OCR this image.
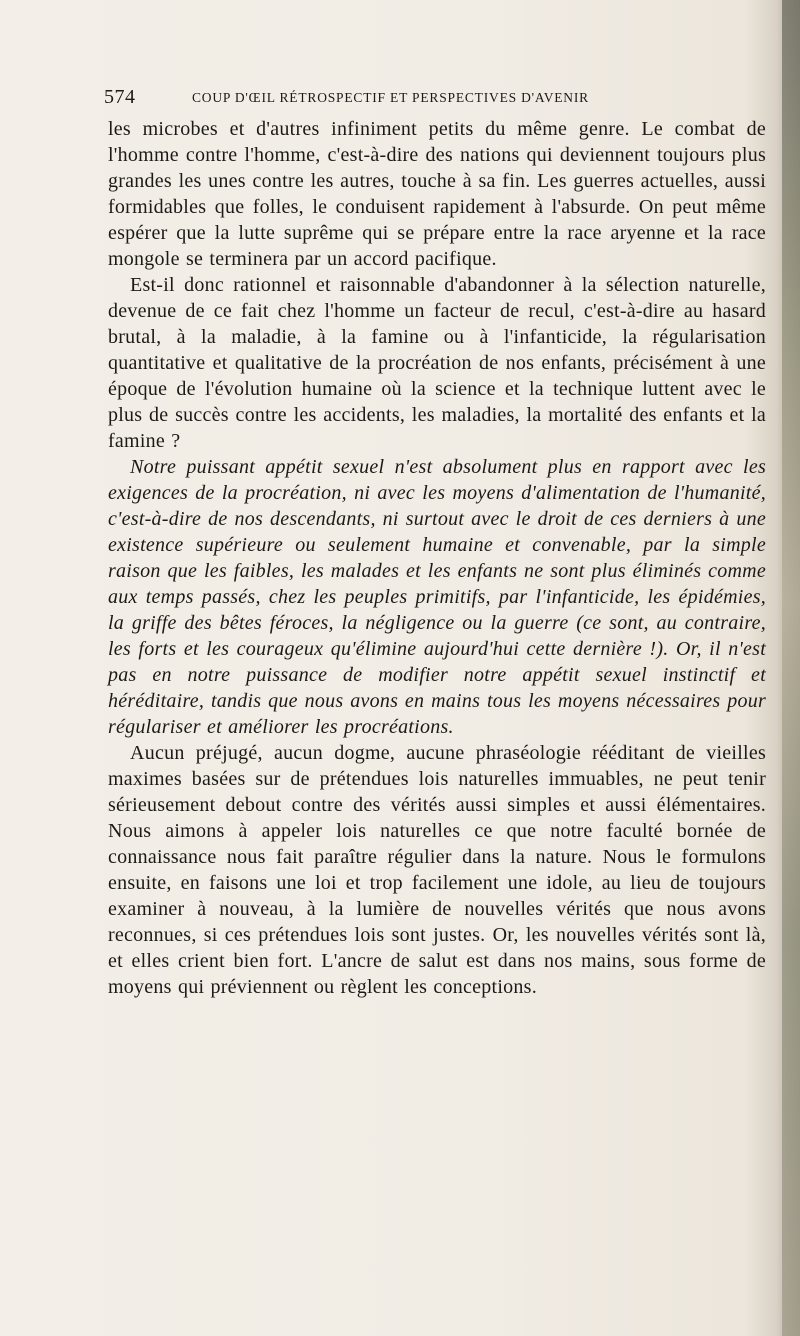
574	COUP D'ŒIL RÉTROSPECTIF ET PERSPECTIVES D'AVENIR

les microbes et d'autres infiniment petits du même genre. Le combat de l'homme contre l'homme, c'est-à-dire des nations qui deviennent toujours plus grandes les unes contre les autres, touche à sa fin. Les guerres actuelles, aussi formidables que folles, le conduisent rapidement à l'absurde. On peut même espérer que la lutte suprême qui se prépare entre la race aryenne et la race mongole se terminera par un accord pacifique.

Est-il donc rationnel et raisonnable d'abandonner à la sélection naturelle, devenue de ce fait chez l'homme un facteur de recul, c'est-à-dire au hasard brutal, à la maladie, à la famine ou à l'infanticide, la régularisation quantitative et qualitative de la procréation de nos enfants, précisément à une époque de l'évolution humaine où la science et la technique luttent avec le plus de succès contre les accidents, les maladies, la mortalité des enfants et la famine ?

Notre puissant appétit sexuel n'est absolument plus en rapport avec les exigences de la procréation, ni avec les moyens d'alimentation de l'humanité, c'est-à-dire de nos descendants, ni surtout avec le droit de ces derniers à une existence supérieure ou seulement humaine et convenable, par la simple raison que les faibles, les malades et les enfants ne sont plus éliminés comme aux temps passés, chez les peuples primitifs, par l'infanticide, les épidémies, la griffe des bêtes féroces, la négligence ou la guerre (ce sont, au contraire, les forts et les courageux qu'élimine aujourd'hui cette dernière !). Or, il n'est pas en notre puissance de modifier notre appétit sexuel instinctif et héréditaire, tandis que nous avons en mains tous les moyens nécessaires pour régulariser et améliorer les procréations.

Aucun préjugé, aucun dogme, aucune phraséologie rééditant de vieilles maximes basées sur de prétendues lois naturelles immuables, ne peut tenir sérieusement debout contre des vérités aussi simples et aussi élémentaires. Nous aimons à appeler lois naturelles ce que notre faculté bornée de connaissance nous fait paraître régulier dans la nature. Nous le formulons ensuite, en faisons une loi et trop facilement une idole, au lieu de toujours examiner à nouveau, à la lumière de nouvelles vérités que nous avons reconnues, si ces prétendues lois sont justes. Or, les nouvelles vérités sont là, et elles crient bien fort. L'ancre de salut est dans nos mains, sous forme de moyens qui préviennent ou règlent les conceptions.
